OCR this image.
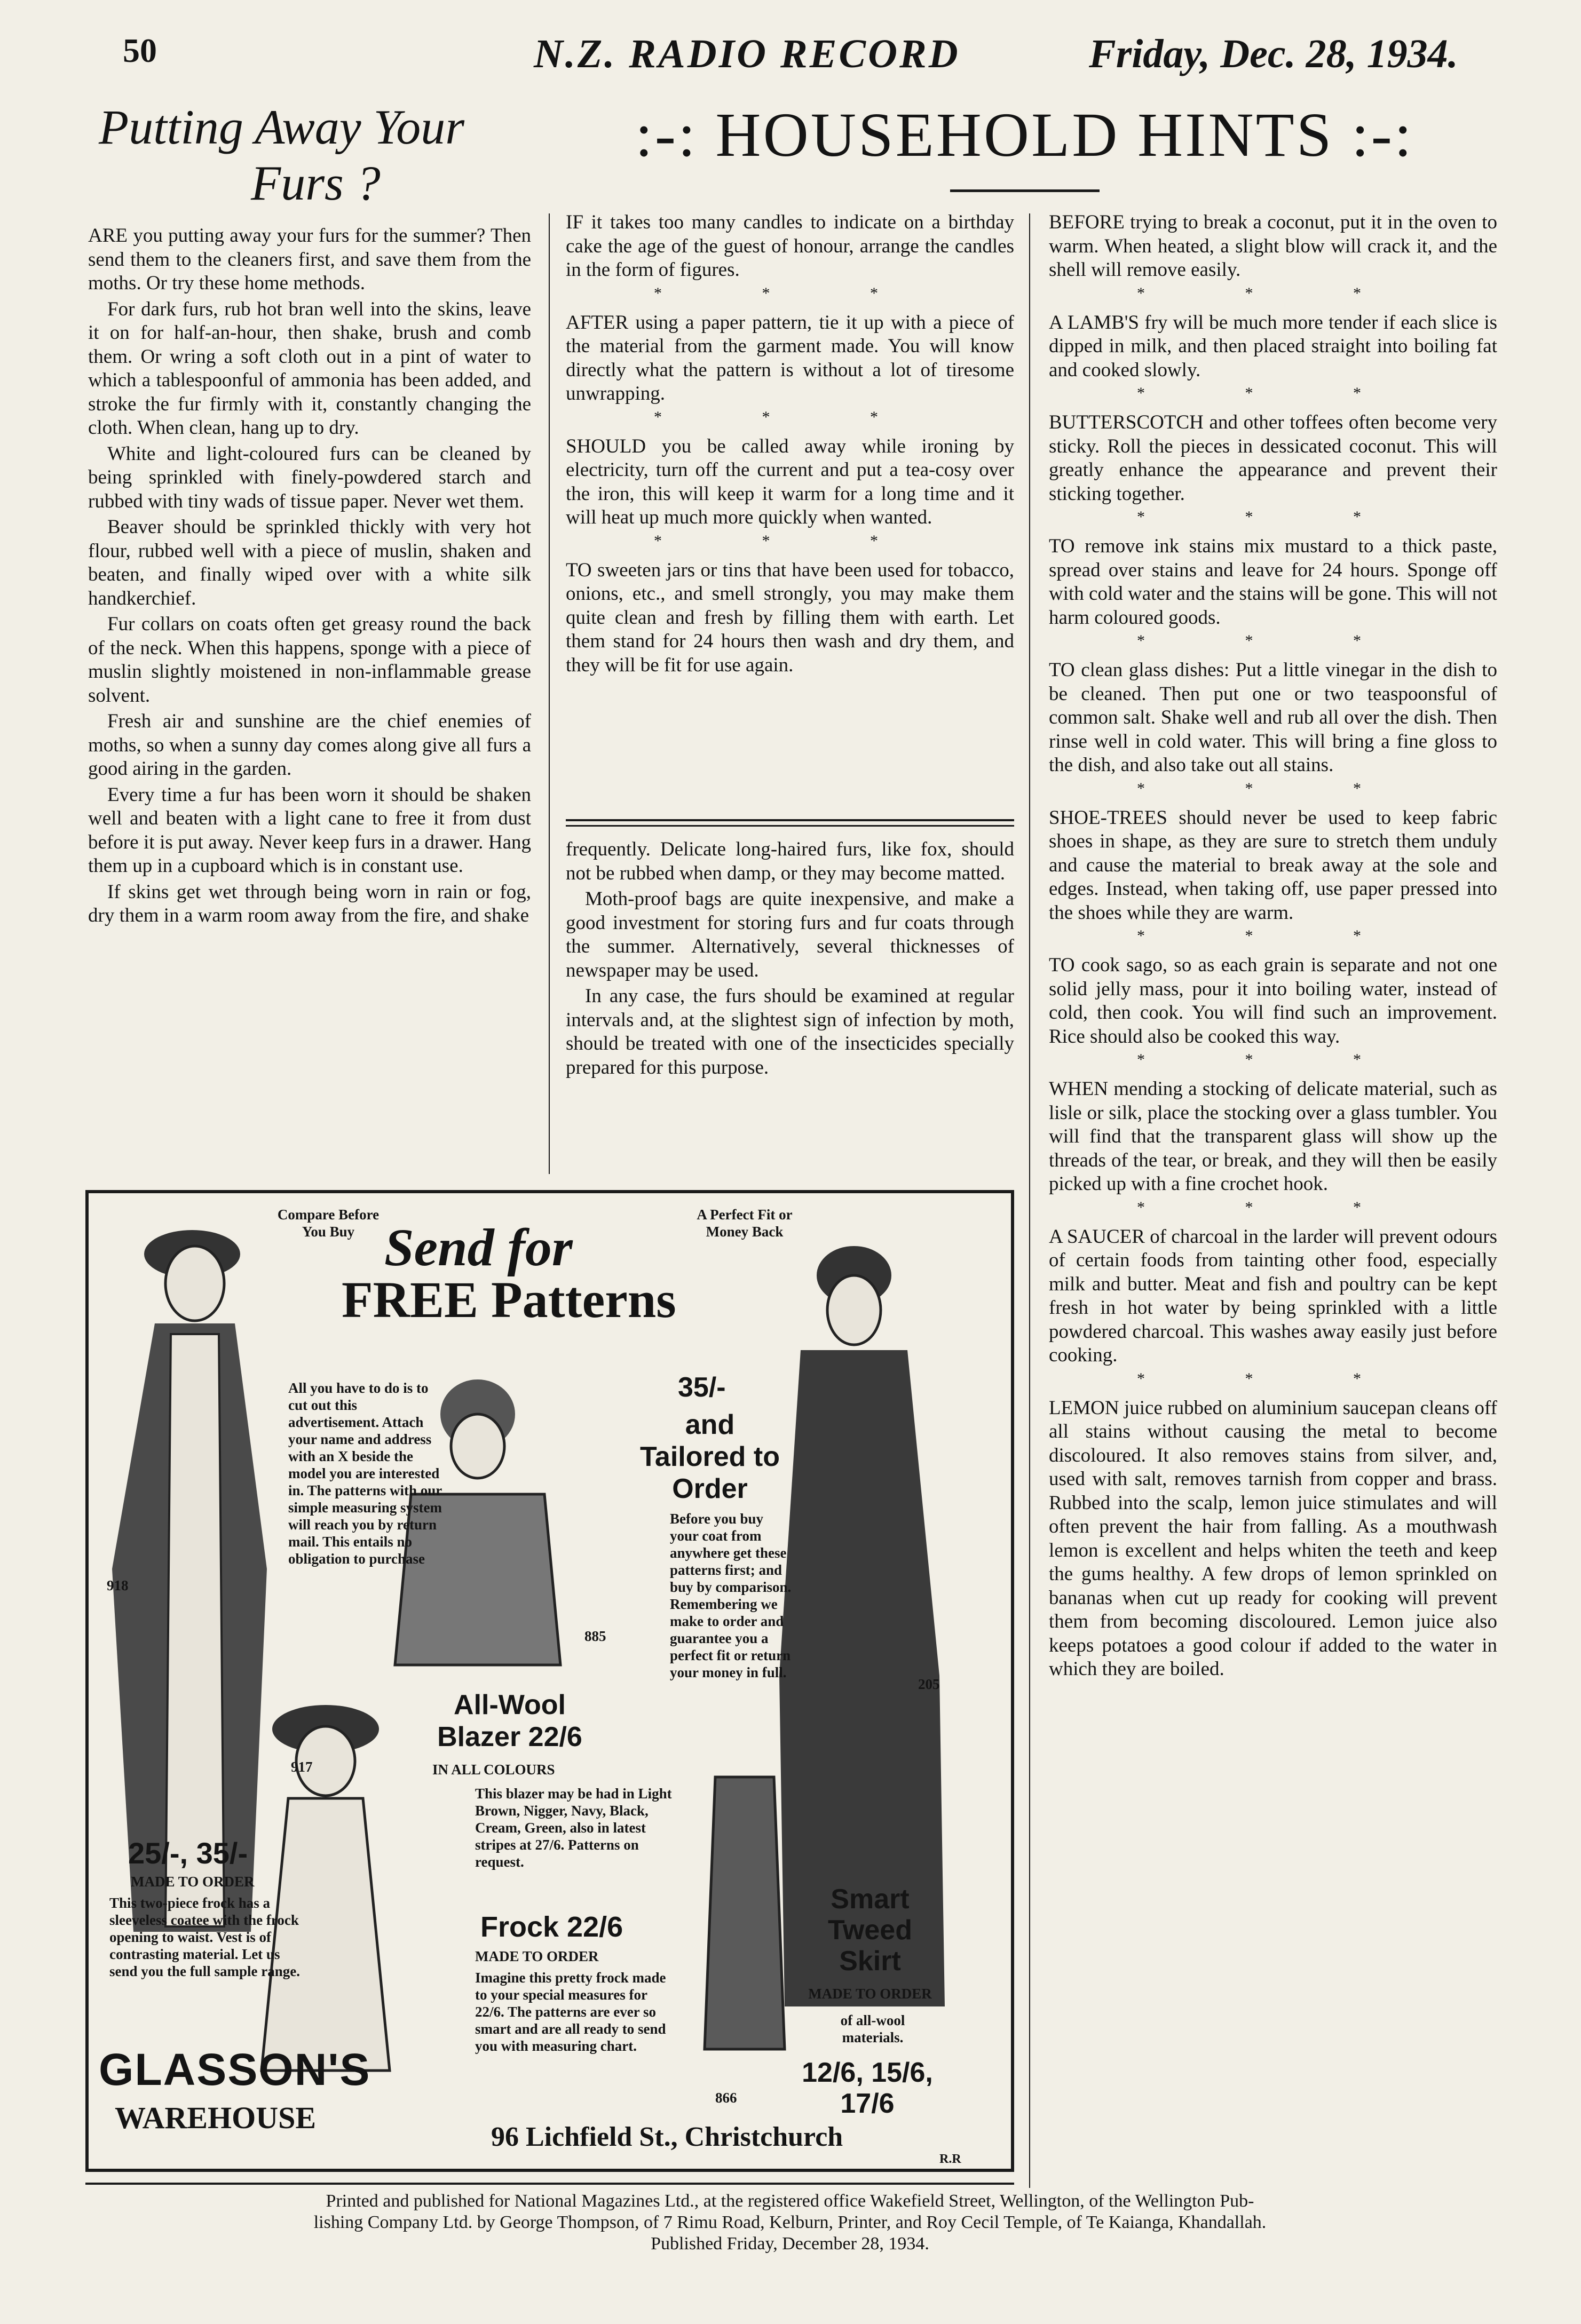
50	N.Z. RADIO RECORD	Friday, Dec. 28, 1934.
Putting Away Your
Furs ?
:-: HOUSEHOLD HINTS :-:

ARE you putting away your furs for the summer? Then send them to the cleaners first, and save them from the moths. Or try these home methods.

For dark furs, rub hot bran well into the skins, leave it on for half-an-hour, then shake, brush and comb them. Or wring a soft cloth out in a pint of water to which a tablespoonful of ammonia has been added, and stroke the fur firmly with it, constantly changing the cloth. When clean, hang up to dry.

White and light-coloured furs can be cleaned by being sprinkled with finely-powdered starch and rubbed with tiny wads of tissue paper. Never wet them.

Beaver should be sprinkled thickly with very hot flour, rubbed well with a piece of muslin, shaken and beaten, and finally wiped over with a white silk handkerchief.

Fur collars on coats often get greasy round the back of the neck. When this happens, sponge with a piece of muslin slightly moistened in non-inflammable grease solvent.

Fresh air and sunshine are the chief enemies of moths, so when a sunny day comes along give all furs a good airing in the garden.

Every time a fur has been worn it should be shaken well and beaten with a light cane to free it from dust before it is put away. Never keep furs in a drawer. Hang them up in a cupboard which is in constant use.

If skins get wet through being worn in rain or fog, dry them in a warm room away from the fire, and shake

IF it takes too many candles to indicate on a birthday cake the age of the guest of honour, arrange the candles in the form of figures.

* * *

AFTER using a paper pattern, tie it up with a piece of the material from the garment made. You will know directly what the pattern is without a lot of tiresome unwrapping.

* * *

SHOULD you be called away while ironing by electricity, turn off the current and put a tea-cosy over the iron, this will keep it warm for a long time and it will heat up much more quickly when wanted.

* * *

TO sweeten jars or tins that have been used for tobacco, onions, etc., and smell strongly, you may make them quite clean and fresh by filling them with earth. Let them stand for 24 hours then wash and dry them, and they will be fit for use again.

frequently. Delicate long-haired furs, like fox, should not be rubbed when damp, or they may become matted.

Moth-proof bags are quite inexpensive, and make a good investment for storing furs and fur coats through the summer. Alternatively, several thicknesses of newspaper may be used.

In any case, the furs should be examined at regular intervals and, at the slightest sign of infection by moth, should be treated with one of the insecticides specially prepared for this purpose.

BEFORE trying to break a coconut, put it in the oven to warm. When heated, a slight blow will crack it, and the shell will remove easily.

* * *

A LAMB'S fry will be much more tender if each slice is dipped in milk, and then placed straight into boiling fat and cooked slowly.

* * *

BUTTERSCOTCH and other toffees often become very sticky. Roll the pieces in dessicated coconut. This will greatly enhance the appearance and prevent their sticking together.

* * *

TO remove ink stains mix mustard to a thick paste, spread over stains and leave for 24 hours. Sponge off with cold water and the stains will be gone. This will not harm coloured goods.

* * *

TO clean glass dishes: Put a little vinegar in the dish to be cleaned. Then put one or two teaspoonsful of common salt. Shake well and rub all over the dish. Then rinse well in cold water. This will bring a fine gloss to the dish, and also take out all stains.

* * *

SHOE-TREES should never be used to keep fabric shoes in shape, as they are sure to stretch them unduly and cause the material to break away at the sole and edges. Instead, when taking off, use paper pressed into the shoes while they are warm.

* * *

TO cook sago, so as each grain is separate and not one solid jelly mass, pour it into boiling water, instead of cold, then cook. You will find such an improvement. Rice should also be cooked this way.

* * *

WHEN mending a stocking of delicate material, such as lisle or silk, place the stocking over a glass tumbler. You will find that the transparent glass will show up the threads of the tear, or break, and they will then be easily picked up with a fine crochet hook.

* * *

A SAUCER of charcoal in the larder will prevent odours of certain foods from tainting other food, especially milk and butter. Meat and fish and poultry can be kept fresh in hot water by being sprinkled with a little powdered charcoal. This washes away easily just before cooking.

* * *

LEMON juice rubbed on aluminium saucepan cleans off all stains without causing the metal to become discoloured. It also removes stains from silver, and, used with salt, removes tarnish from copper and brass. Rubbed into the scalp, lemon juice stimulates and will often prevent the hair from falling. As a mouthwash lemon is excellent and helps whiten the teeth and keep the gums healthy. A few drops of lemon sprinkled on bananas when cut up ready for cooking will prevent them from becoming discoloured. Lemon juice also keeps potatoes a good colour if added to the water in which they are boiled.

Compare Before You Buy
A Perfect Fit or Money Back
Send for
FREE Patterns
All you have to do is to cut out this advertisement. Attach your name and address with an X beside the model you are interested in. The patterns with our simple measuring system will reach you by return mail. This entails no obligation to purchase
35/-
and Tailored to Order
Before you buy your coat from anywhere get these patterns first; and buy by comparison. Remembering we make to order and guarantee you a perfect fit or return your money in full.
All-Wool Blazer 22/6
IN ALL COLOURS
This blazer may be had in Light Brown, Nigger, Navy, Black, Cream, Green, also in latest stripes at 27/6. Patterns on request.
25/-, 35/-
MADE TO ORDER
This two-piece frock has a sleeveless coatee with the frock opening to waist. Vest is of contrasting material. Let us send you the full sample range.
Frock 22/6
MADE TO ORDER
Imagine this pretty frock made to your special measures for 22/6. The patterns are ever so smart and are all ready to send you with measuring chart.
Smart Tweed Skirt
MADE TO ORDER
of all-wool materials.
12/6, 15/6, 17/6
GLASSON'S
WAREHOUSE
96 Lichfield St., Christchurch
918
885
205
917
866
R.R
Printed and published for National Magazines Ltd., at the registered office Wakefield Street, Wellington, of the Wellington Pub-
lishing Company Ltd. by George Thompson, of 7 Rimu Road, Kelburn, Printer, and Roy Cecil Temple, of Te Kaianga, Khandallah.
Published Friday, December 28, 1934.
